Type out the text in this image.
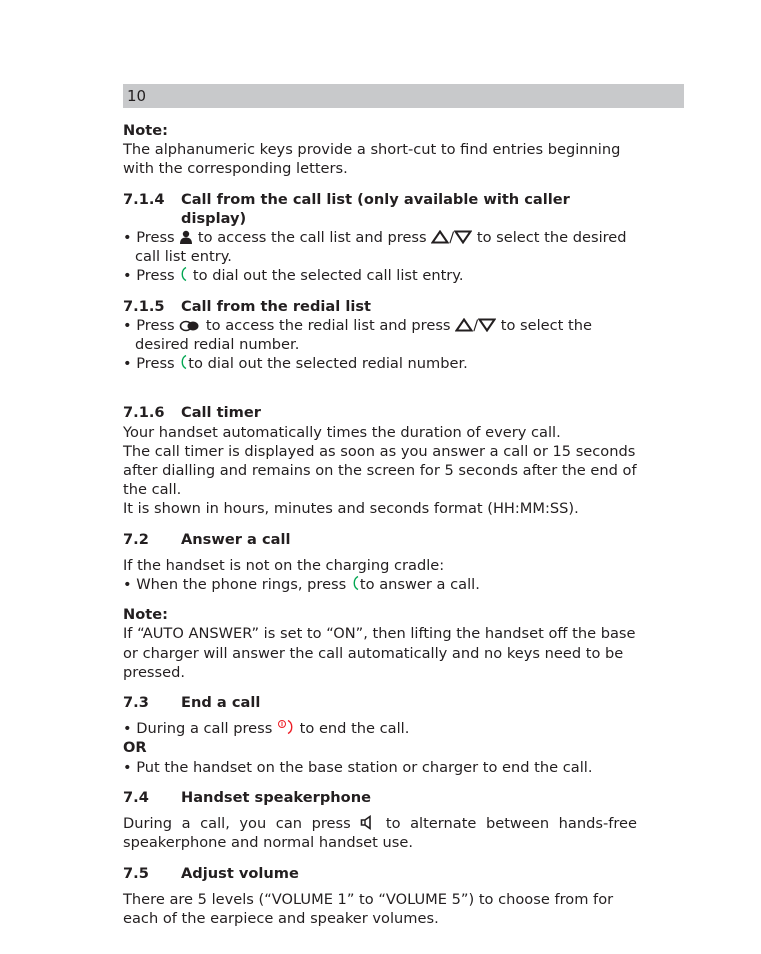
10

Note:

The alphanumeric keys provide a short-cut to find entries beginning with the corresponding letters.

7.1.4	Call from the call list (only available with caller display)

• Press  to access the call list and press / to select the desired call list entry.

• Press  to dial out the selected call list entry.

7.1.5	Call from the redial list

• Press  to access the redial list and press / to select the desired redial number.

• Press to dial out the selected redial number.

7.1.6	Call timer

Your handset automatically times the duration of every call.

The call timer is displayed as soon as you answer a call or 15 seconds after dialling and remains on the screen for 5 seconds after the end of the call.

It is shown in hours, minutes and seconds format (HH:MM:SS).

7.2	Answer a call

If the handset is not on the charging cradle:

• When the phone rings, press to answer a call.

Note:

If “AUTO ANSWER” is set to “ON”, then lifting the handset off the base or charger will answer the call automatically and no keys need to be pressed.

7.3	End a call

• During a call press  to end the call.

OR

• Put the handset on the base station or charger to end the call.

7.4	Handset speakerphone

During a call, you can press  to alternate between hands-free

speakerphone and normal handset use.

7.5	Adjust volume

There are 5 levels (“VOLUME 1” to “VOLUME 5”) to choose from for each of the earpiece and speaker volumes.
